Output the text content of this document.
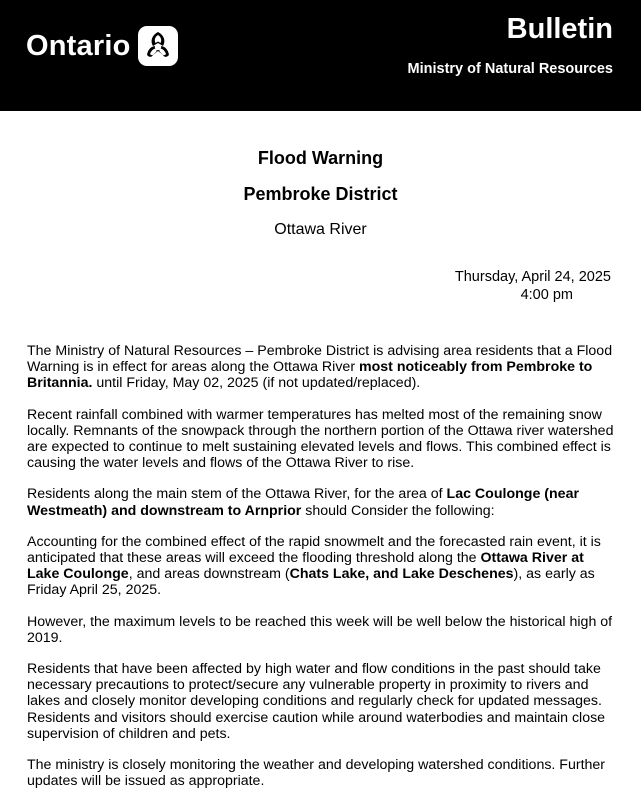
Ontario
Bulletin
Ministry of Natural Resources
Flood Warning
Pembroke District
Ottawa River
Thursday, April 24, 2025
4:00 pm

The Ministry of Natural Resources – Pembroke District is advising area residents that a Flood Warning is in effect for areas along the Ottawa River most noticeably from Pembroke to Britannia. until Friday, May 02, 2025 (if not updated/replaced).

Recent rainfall combined with warmer temperatures has melted most of the remaining snow locally. Remnants of the snowpack through the northern portion of the Ottawa river watershed are expected to continue to melt sustaining elevated levels and flows. This combined effect is causing the water levels and flows of the Ottawa River to rise.

Residents along the main stem of the Ottawa River, for the area of Lac Coulonge (near Westmeath) and downstream to Arnprior should Consider the following:

Accounting for the combined effect of the rapid snowmelt and the forecasted rain event, it is anticipated that these areas will exceed the flooding threshold along the Ottawa River at Lake Coulonge, and areas downstream (Chats Lake, and Lake Deschenes), as early as Friday April 25, 2025.

However, the maximum levels to be reached this week will be well below the historical high of 2019.

Residents that have been affected by high water and flow conditions in the past should take necessary precautions to protect/secure any vulnerable property in proximity to rivers and lakes and closely monitor developing conditions and regularly check for updated messages. Residents and visitors should exercise caution while around waterbodies and maintain close supervision of children and pets.

The ministry is closely monitoring the weather and developing watershed conditions. Further updates will be issued as appropriate.
